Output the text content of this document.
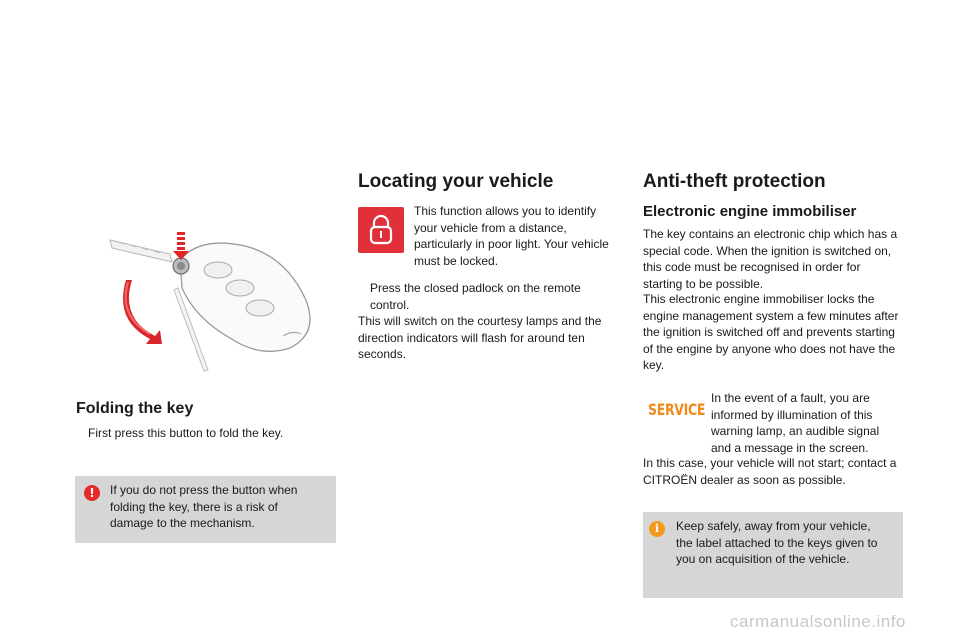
Folding the key
First press this button to fold the key.
!	If you do not press the button when folding the key, there is a risk of damage to the mechanism.
Locating your vehicle
This function allows you to identify your vehicle from a distance, particularly in poor light. Your vehicle must be locked.
Press the closed padlock on the remote control.
This will switch on the courtesy lamps and the direction indicators will flash for around ten seconds.
Anti-theft protection
Electronic engine immobiliser
The key contains an electronic chip which has a special code. When the ignition is switched on, this code must be recognised in order for starting to be possible.
This electronic engine immobiliser locks the engine management system a few minutes after the ignition is switched off and prevents starting of the engine by anyone who does not have the key.
SERVICE
In the event of a fault, you are informed by illumination of this warning lamp, an audible signal and a message in the screen.
In this case, your vehicle will not start; contact a CITROËN dealer as soon as possible.
i	Keep safely, away from your vehicle, the label attached to the keys given to you on acquisition of the vehicle.
carmanualsonline.info
